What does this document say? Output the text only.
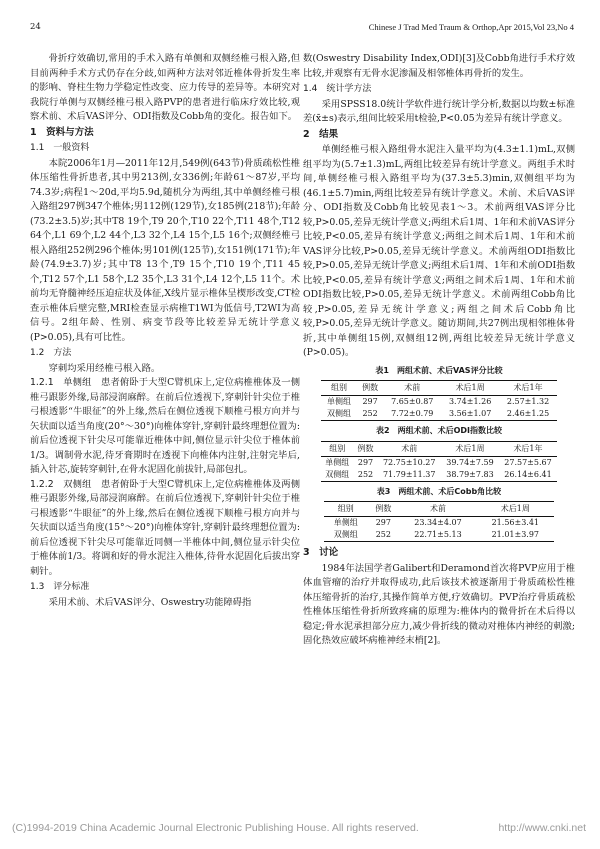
24	Chinese J Trad Med Traum & Orthop,Apr 2015,Vol 23,No 4

骨折疗效确切,常用的手术入路有单侧和双侧经椎弓根入路,但目前两种手术方式仍存在分歧,如两种方法对邻近椎体骨折发生率的影响、脊柱生物力学稳定性改变、应力传导的差异等。本研究对我院行单侧与双侧经椎弓根入路PVP的患者进行临床疗效比较,观察术前、术后VAS评分、ODI指数及Cobb角的变化。报告如下。

1　资料与方法

1.1　一般资料

本院2006年1月—2011年12月,549例(643节)骨质疏松性椎体压缩性骨折患者,其中男213例,女336例;年龄61～87岁,平均74.3岁;病程1～20d,平均5.9d,随机分为两组,其中单侧经椎弓根入路组297例347个椎体;男112例(129节),女185例(218节);年龄(73.2±3.5)岁;其中T8 19个,T9 20个,T10 22个,T11 48个,T12 64个,L1 69个,L2 44个,L3 32个,L4 15个,L5 16个;双侧经椎弓根入路组252例296个椎体;男101例(125节),女151例(171节);年龄(74.9±3.7)岁;其中T8 13个,T9 15个,T10 19个,T11 45个,T12 57个,L1 58个,L2 35个,L3 31个,L4 12个,L5 11个。术前均无脊髓神经压迫症状及体征,X线片显示椎体呈楔形改变,CT检查示椎体后壁完整,MRI检查显示病椎T1WI为低信号,T2WI为高信号。2组年龄、性别、病变节段等比较差异无统计学意义(P>0.05),具有可比性。

1.2　方法

穿刺均采用经椎弓根入路。

1.2.1　单侧组　 患者俯卧于大型C臂机床上,定位病椎椎体及一侧椎弓跟影外缘,局部浸润麻醉。在前后位透视下,穿刺针针尖位于椎弓根透影“牛眼征”的外上缘,然后在侧位透视下顺椎弓根方向并与矢状面以适当角度(20°～30°)向椎体穿针,穿刺针最终理想位置为:前后位透视下针尖尽可能靠近椎体中间,侧位显示针尖位于椎体前1/3。调制骨水泥,待牙膏期时在透视下向椎体内注射,注射完毕后,插入针芯,旋转穿刺针,在骨水泥固化前拔针,局部包扎。

1.2.2　双侧组　 患者俯卧于大型C臂机床上,定位病椎椎体及两侧椎弓跟影外缘,局部浸润麻醉。在前后位透视下,穿刺针针尖位于椎弓根透影“牛眼征”的外上缘,然后在侧位透视下顺椎弓根方向并与矢状面以适当角度(15°～20°)向椎体穿针,穿刺针最终理想位置为:前后位透视下针尖尽可能靠近同侧一半椎体中间,侧位显示针尖位于椎体前1/3。将调和好的骨水泥注入椎体,待骨水泥固化后拔出穿刺针。

1.3　评分标准

采用术前、术后VAS评分、Oswestry功能障碍指

数(Oswestry Disability Index,ODI)[3]及Cobb角进行手术疗效比较,并观察有无骨水泥渗漏及相邻椎体再骨折的发生。

1.4　统计学方法

采用SPSS18.0统计学软件进行统计学分析,数据以均数±标准差(x̄±s)表示,组间比较采用t检验,P<0.05为差异有统计学意义。

2　结果

单侧经椎弓根入路组骨水泥注入量平均为(4.3±1.1)mL,双侧组平均为(5.7±1.3)mL,两组比较差异有统计学意义。两组手术时间,单侧经椎弓根入路组平均为(37.3±5.3)min,双侧组平均为(46.1±5.7)min,两组比较差异有统计学意义。术前、术后VAS评分、ODI指数及Cobb角比较见表1～3。术前两组VAS评分比较,P>0.05,差异无统计学意义;两组术后1周、1年和术前VAS评分比较,P<0.05,差异有统计学意义;两组之间术后1周、1年和术前VAS评分比较,P>0.05,差异无统计学意义。术前两组ODI指数比较,P>0.05,差异无统计学意义;两组术后1周、1年和术前ODI指数比较,P<0.05,差异有统计学意义;两组之间术后1周、1年和术前ODI指数比较,P>0.05,差异无统计学意义。术前两组Cobb角比较,P>0.05,差异无统计学意义;两组之间术后Cobb角比较,P>0.05,差异无统计学意义。随访期间,共27例出现相邻椎体骨折,其中单侧组15例,双侧组12例,两组比较差异无统计学意义(P>0.05)。

表1　两组术前、术后VAS评分比较
组别	例数	术前	术后1周	术后1年
单侧组	297	7.65±0.87	3.74±1.26	2.57±1.32
双侧组	252	7.72±0.79	3.56±1.07	2.46±1.25
表2　两组术前、术后ODI指数比较
组别	例数	术前	术后1周	术后1年
单侧组	297	72.75±10.27	39.74±7.59	27.57±5.67
双侧组	252	71.79±11.37	38.79±7.83	26.14±6.41
表3　两组术前、术后Cobb角比较
组别	例数	术前	术后1周
单侧组	297	23.34±4.07	21.56±3.41
双侧组	252	22.71±5.13	21.01±3.97

3　讨论

1984年法国学者Galibert和Deramond首次将PVP应用于椎体血管瘤的治疗并取得成功,此后该技术被逐渐用于骨质疏松性椎体压缩骨折的治疗,其操作简单方便,疗效确切。PVP治疗骨质疏松性椎体压缩性骨折所致疼痛的原理为:椎体内的微骨折在术后得以稳定;骨水泥承担部分应力,减少骨折线的微动对椎体内神经的刺激;固化热效应破坏病椎神经末梢[2]。

(C)1994-2019 China Academic Journal Electronic Publishing House. All rights reserved.	http://www.cnki.net
